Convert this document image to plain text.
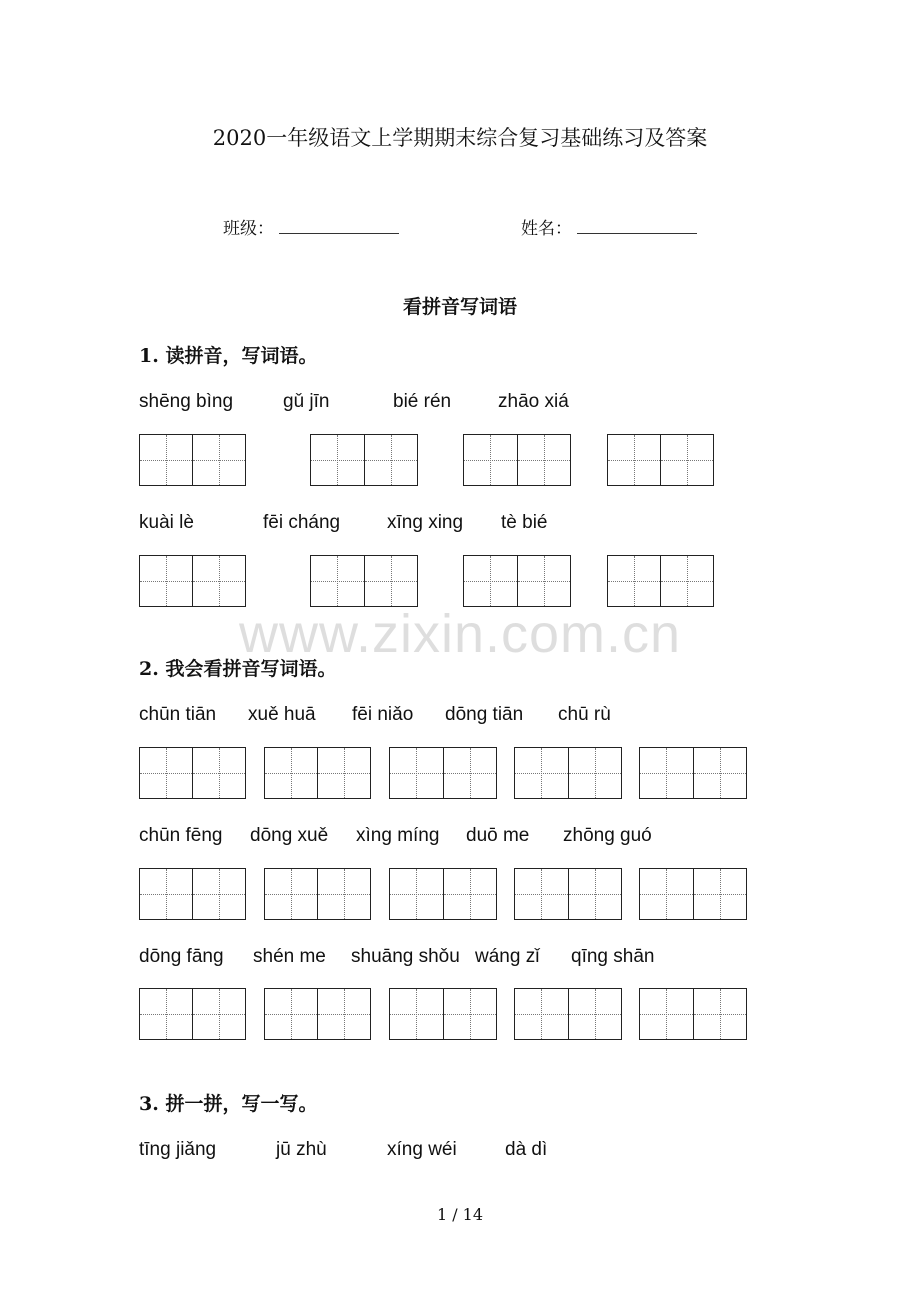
2020一年级语文上学期期末综合复习基础练习及答案
班级：	姓名：
看拼音写词语
1. 读拼音，写词语。
shēng bìng	gǔ jīn	bié rén zhāo xiá
kuài lè	fēi cháng xīng xing tè bié
www.zixin.com.cn
2. 我会看拼音写词语。
chūn tiān xuě huā fēi niǎo dōng tiān chū rù
chūn fēng dōng xuě xìng míng duō me zhōng guó
dōng fāng shén me shuāng shǒu wáng zǐ qīng shān
3. 拼一拼，写一写。
tīng jiǎng	jū zhù	xíng wéi	dà dì
1 / 14
